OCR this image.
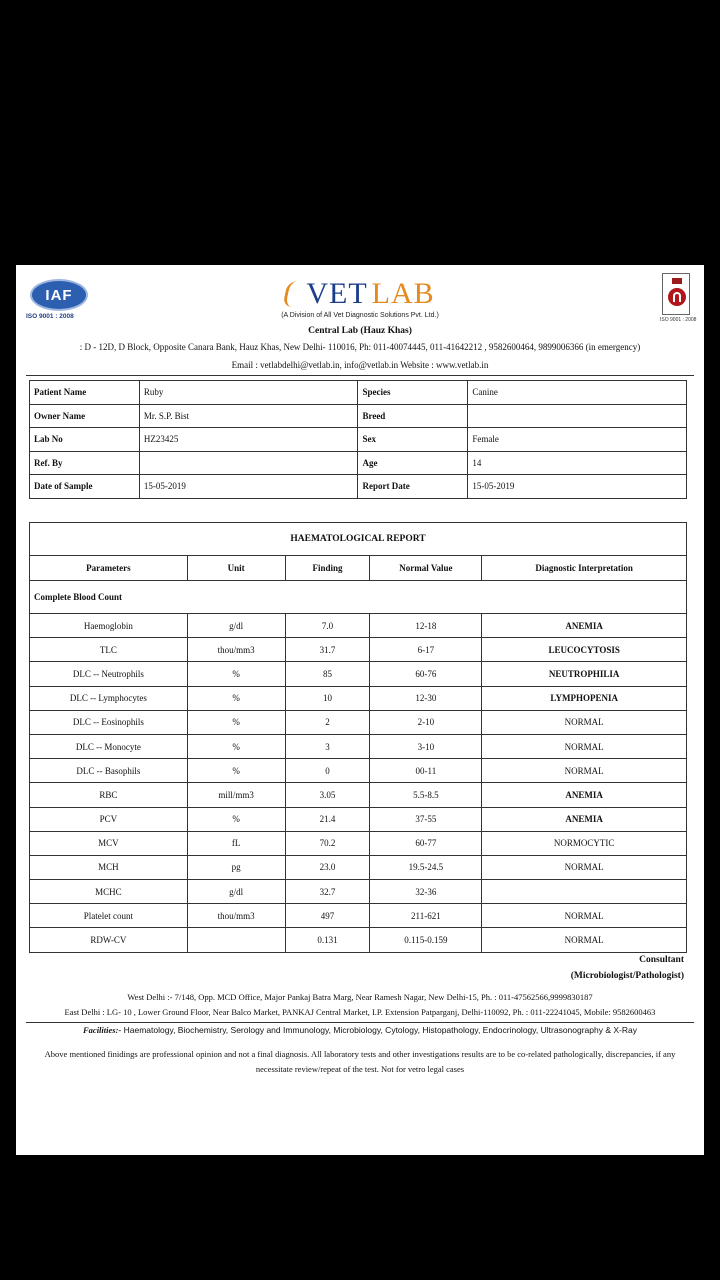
IAF
ISO 9001 : 2008
VET LAB
(A Division of All Vet Diagnostic Solutions Pvt. Ltd.)
ISO 9001 : 2008
Central Lab (Hauz Khas)
: D - 12D, D Block, Opposite Canara Bank, Hauz Khas, New Delhi- 110016, Ph: 011-40074445, 011-41642212 , 9582600464, 9899006366 (in emergency)
Email : vetlabdelhi@vetlab.in, info@vetlab.in Website : www.vetlab.in
Patient Name	Ruby	Species	Canine
Owner Name	Mr. S.P. Bist	Breed	
Lab No	HZ23425	Sex	Female
Ref. By		Age	14
Date of Sample	15-05-2019	Report Date	15-05-2019
HAEMATOLOGICAL REPORT				
Parameters	Unit	Finding	Normal Value	Diagnostic Interpretation
Complete Blood Count				
Haemoglobin	g/dl	7.0	12-18	ANEMIA
TLC	thou/mm3	31.7	6-17	LEUCOCYTOSIS
DLC -- Neutrophils	%	85	60-76	NEUTROPHILIA
DLC -- Lymphocytes	%	10	12-30	LYMPHOPENIA
DLC -- Eosinophils	%	2	2-10	NORMAL
DLC -- Monocyte	%	3	3-10	NORMAL
DLC -- Basophils	%	0	00-11	NORMAL
RBC	mill/mm3	3.05	5.5-8.5	ANEMIA
PCV	%	21.4	37-55	ANEMIA
MCV	fL	70.2	60-77	NORMOCYTIC
MCH	pg	23.0	19.5-24.5	NORMAL
MCHC	g/dl	32.7	32-36	
Platelet count	thou/mm3	497	211-621	NORMAL
RDW-CV		0.131	0.115-0.159	NORMAL
Consultant
(Microbiologist/Pathologist)
West Delhi :- 7/148, Opp. MCD Office, Major Pankaj Batra Marg, Near Ramesh Nagar, New Delhi-15, Ph. : 011-47562566,9999830187
East Delhi : LG- 10 , Lower Ground Floor, Near Balco Market, PANKAJ Central Market, I.P. Extension Patparganj, Delhi-110092, Ph. : 011-22241045, Mobile: 9582600463
Facilities:- Haematology, Biochemistry, Serology and Immunology, Microbiology, Cytology, Histopathology, Endocrinology, Ultrasonography & X-Ray
Above mentioned finidings are professional opinion and not a final diagnosis. All laboratory tests and other investigations results are to be co-related pathologically, discrepancies, if any necessitate review/repeat of the test. Not for vetro legal cases
